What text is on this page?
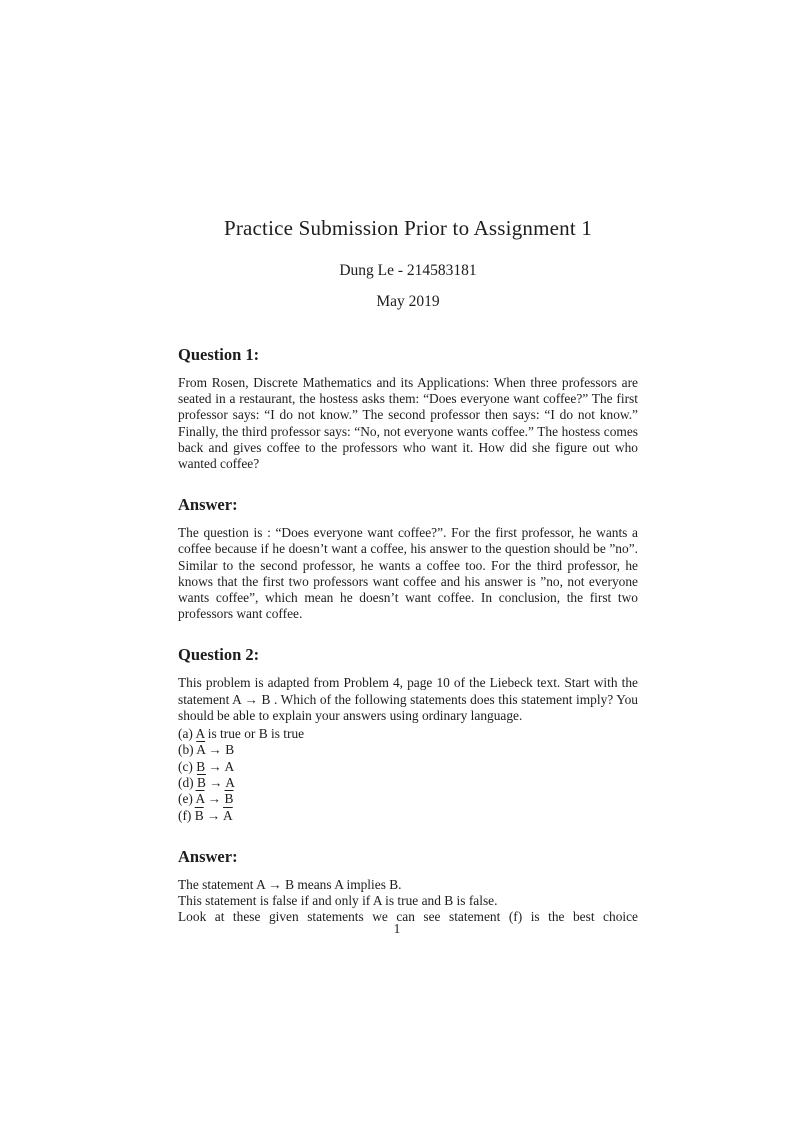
Practice Submission Prior to Assignment 1
Dung Le - 214583181
May 2019
Question 1:

From Rosen, Discrete Mathematics and its Applications: When three professors are seated in a restaurant, the hostess asks them: “Does everyone want coffee?” The first professor says: “I do not know.” The second professor then says: “I do not know.” Finally, the third professor says: “No, not everyone wants coffee.” The hostess comes back and gives coffee to the professors who want it. How did she figure out who wanted coffee?

Answer:

The question is : “Does everyone want coffee?”. For the first professor, he wants a coffee because if he doesn’t want a coffee, his answer to the question should be ”no”. Similar to the second professor, he wants a coffee too. For the third professor, he knows that the first two professors want coffee and his answer is ”no, not everyone wants coffee”, which mean he doesn’t want coffee. In conclusion, the first two professors want coffee.

Question 2:

This problem is adapted from Problem 4, page 10 of the Liebeck text. Start with the statement A → B . Which of the following statements does this statement imply? You should be able to explain your answers using ordinary language.

(a) A is true or B is true
(b) $\overline{A} \to B$
(c) B → A
(d) $\overline{B} \to A$
(e) $\overline{A} \to \overline{B}$
(f) $\overline{B} \to \overline{A}$
Answer:
The statement A → B means A implies B.
This statement is false if and only if A is true and B is false.
Look at these given statements we can see statement (f) is the best choice
1
